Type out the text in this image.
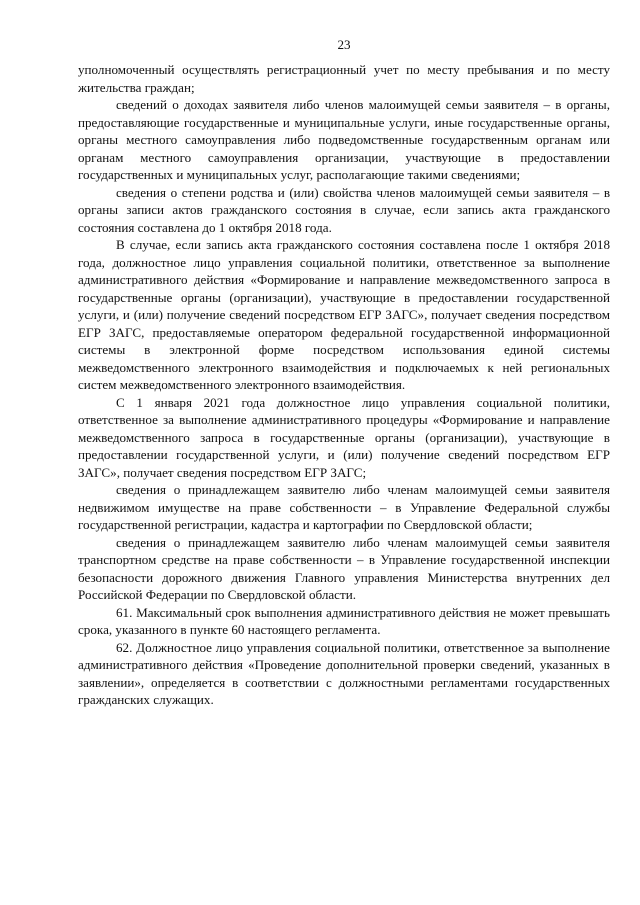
23

уполномоченный осуществлять регистрационный учет по месту пребывания и по месту жительства граждан;

сведений о доходах заявителя либо членов малоимущей семьи заявителя – в органы, предоставляющие государственные и муниципальные услуги, иные государственные органы, органы местного самоуправления либо подведомственные государственным органам или органам местного самоуправления организации, участвующие в предоставлении государственных и муниципальных услуг, располагающие такими сведениями;

сведения о степени родства и (или) свойства членов малоимущей семьи заявителя – в органы записи актов гражданского состояния в случае, если запись акта гражданского состояния составлена до 1 октября 2018 года.

В случае, если запись акта гражданского состояния составлена после 1 октября 2018 года, должностное лицо управления социальной политики, ответственное за выполнение административного действия «Формирование и направление межведомственного запроса в государственные органы (организации), участвующие в предоставлении государственной услуги, и (или) получение сведений посредством ЕГР ЗАГС», получает сведения посредством ЕГР ЗАГС, предоставляемые оператором федеральной государственной информационной системы в электронной форме посредством использования единой системы межведомственного электронного взаимодействия и подключаемых к ней региональных систем межведомственного электронного взаимодействия.

С 1 января 2021 года должностное лицо управления социальной политики, ответственное за выполнение административного процедуры «Формирование и направление межведомственного запроса в государственные органы (организации), участвующие в предоставлении государственной услуги, и (или) получение сведений посредством ЕГР ЗАГС», получает сведения посредством ЕГР ЗАГС;

сведения о принадлежащем заявителю либо членам малоимущей семьи заявителя недвижимом имуществе на праве собственности – в Управление Федеральной службы государственной регистрации, кадастра и картографии по Свердловской области;

сведения о принадлежащем заявителю либо членам малоимущей семьи заявителя транспортном средстве на праве собственности – в Управление государственной инспекции безопасности дорожного движения Главного управления Министерства внутренних дел Российской Федерации по Свердловской области.

61. Максимальный срок выполнения административного действия не может превышать срока, указанного в пункте 60 настоящего регламента.

62. Должностное лицо управления социальной политики, ответственное за выполнение административного действия «Проведение дополнительной проверки сведений, указанных в заявлении», определяется в соответствии с должностными регламентами государственных гражданских служащих.
